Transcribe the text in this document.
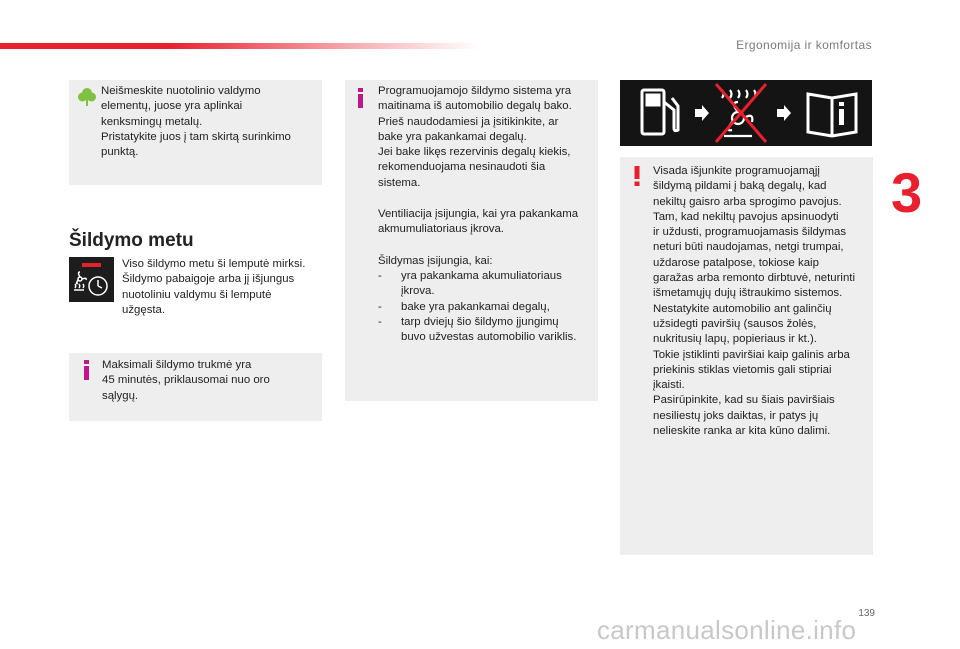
Ergonomija ir komfortas
3
Neišmeskite nuotolinio valdymo
elementų, juose yra aplinkai
kenksmingų metalų.
Pristatykite juos į tam skirtą surinkimo
punktą.
Šildymo metu
Viso šildymo metu ši lemputė mirksi.
Šildymo pabaigoje arba jį išjungus
nuotoliniu valdymu ši lemputė
užgęsta.
Maksimali šildymo trukmė yra
45 minutės, priklausomai nuo oro
sąlygų.
Programuojamojo šildymo sistema yra
maitinama iš automobilio degalų bako.
Prieš naudodamiesi ja įsitikinkite, ar
bake yra pakankamai degalų.
Jei bake likęs rezervinis degalų kiekis,
rekomenduojama nesinaudoti šia
sistema.
Ventiliacija įsijungia, kai yra pakankama
akmumuliatoriaus įkrova.
Šildymas įsijungia, kai:
- yra pakankama akumuliatoriaus
įkrova.
- bake yra pakankamai degalų,
- tarp dviejų šio šildymo įjungimų
buvo užvestas automobilio variklis.
Visada išjunkite programuojamąjį
šildymą pildami į baką degalų, kad
nekiltų gaisro arba sprogimo pavojus.
Tam, kad nekiltų pavojus apsinuodyti
ir uždusti, programuojamasis šildymas
neturi būti naudojamas, netgi trumpai,
uždarose patalpose, tokiose kaip
garažas arba remonto dirbtuvė, neturinti
išmetamųjų dujų ištraukimo sistemos.
Nestatykite automobilio ant galinčių
užsidegti paviršių (sausos žolės,
nukritusių lapų, popieriaus ir kt.).
Tokie įstiklinti paviršiai kaip galinis arba
priekinis stiklas vietomis gali stipriai
įkaisti.
Pasirūpinkite, kad su šiais paviršiais
nesiliestų joks daiktas, ir patys jų
nelieskite ranka ar kita kūno dalimi.
139
carmanualsonline.info
